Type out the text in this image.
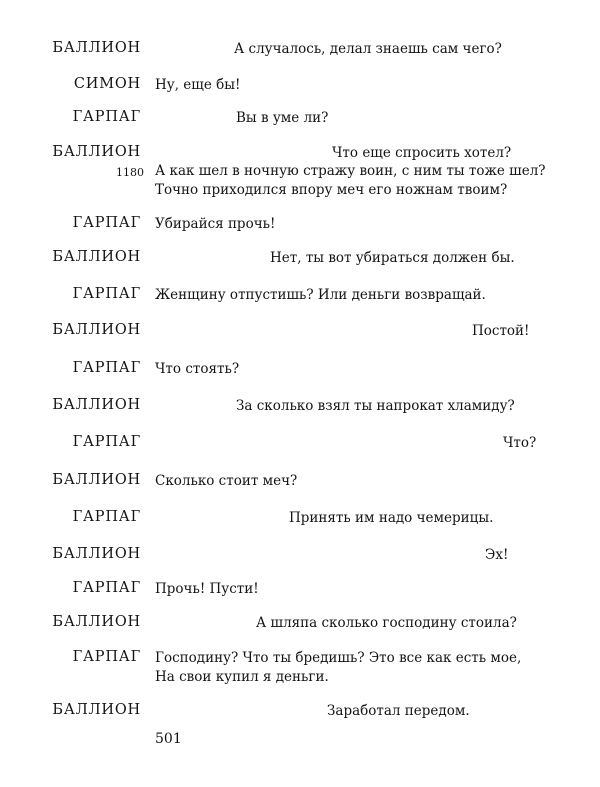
БАЛЛИОН	А случалось, делал знаешь сам чего?
СИМОН Ну, еще бы!
ГАРПАГ	Вы в уме ли?
БАЛЛИОН	Что еще спросить хотел?
1180 А как шел в ночную стражу воин, с ним ты тоже шел?
Точно приходился впору меч его ножнам твоим?
ГАРПАГ Убирайся прочь!
БАЛЛИОН	Нет, ты вот убираться должен бы.
ГАРПАГ Женщину отпустишь? Или деньги возвращай.
БАЛЛИОН	Постой!
ГАРПАГ Что стоять?
БАЛЛИОН	За сколько взял ты напрокат хламиду?
ГАРПАГ	Что?
БАЛЛИОН Сколько стоит меч?
ГАРПАГ	Принять им надо чемерицы.
БАЛЛИОН	Эх!
ГАРПАГ Прочь! Пусти!
БАЛЛИОН	А шляпа сколько господину стоила?
ГАРПАГ Господину? Что ты бредишь? Это все как есть мое,
На свои купил я деньги.
БАЛЛИОН	Заработал передом.
501
